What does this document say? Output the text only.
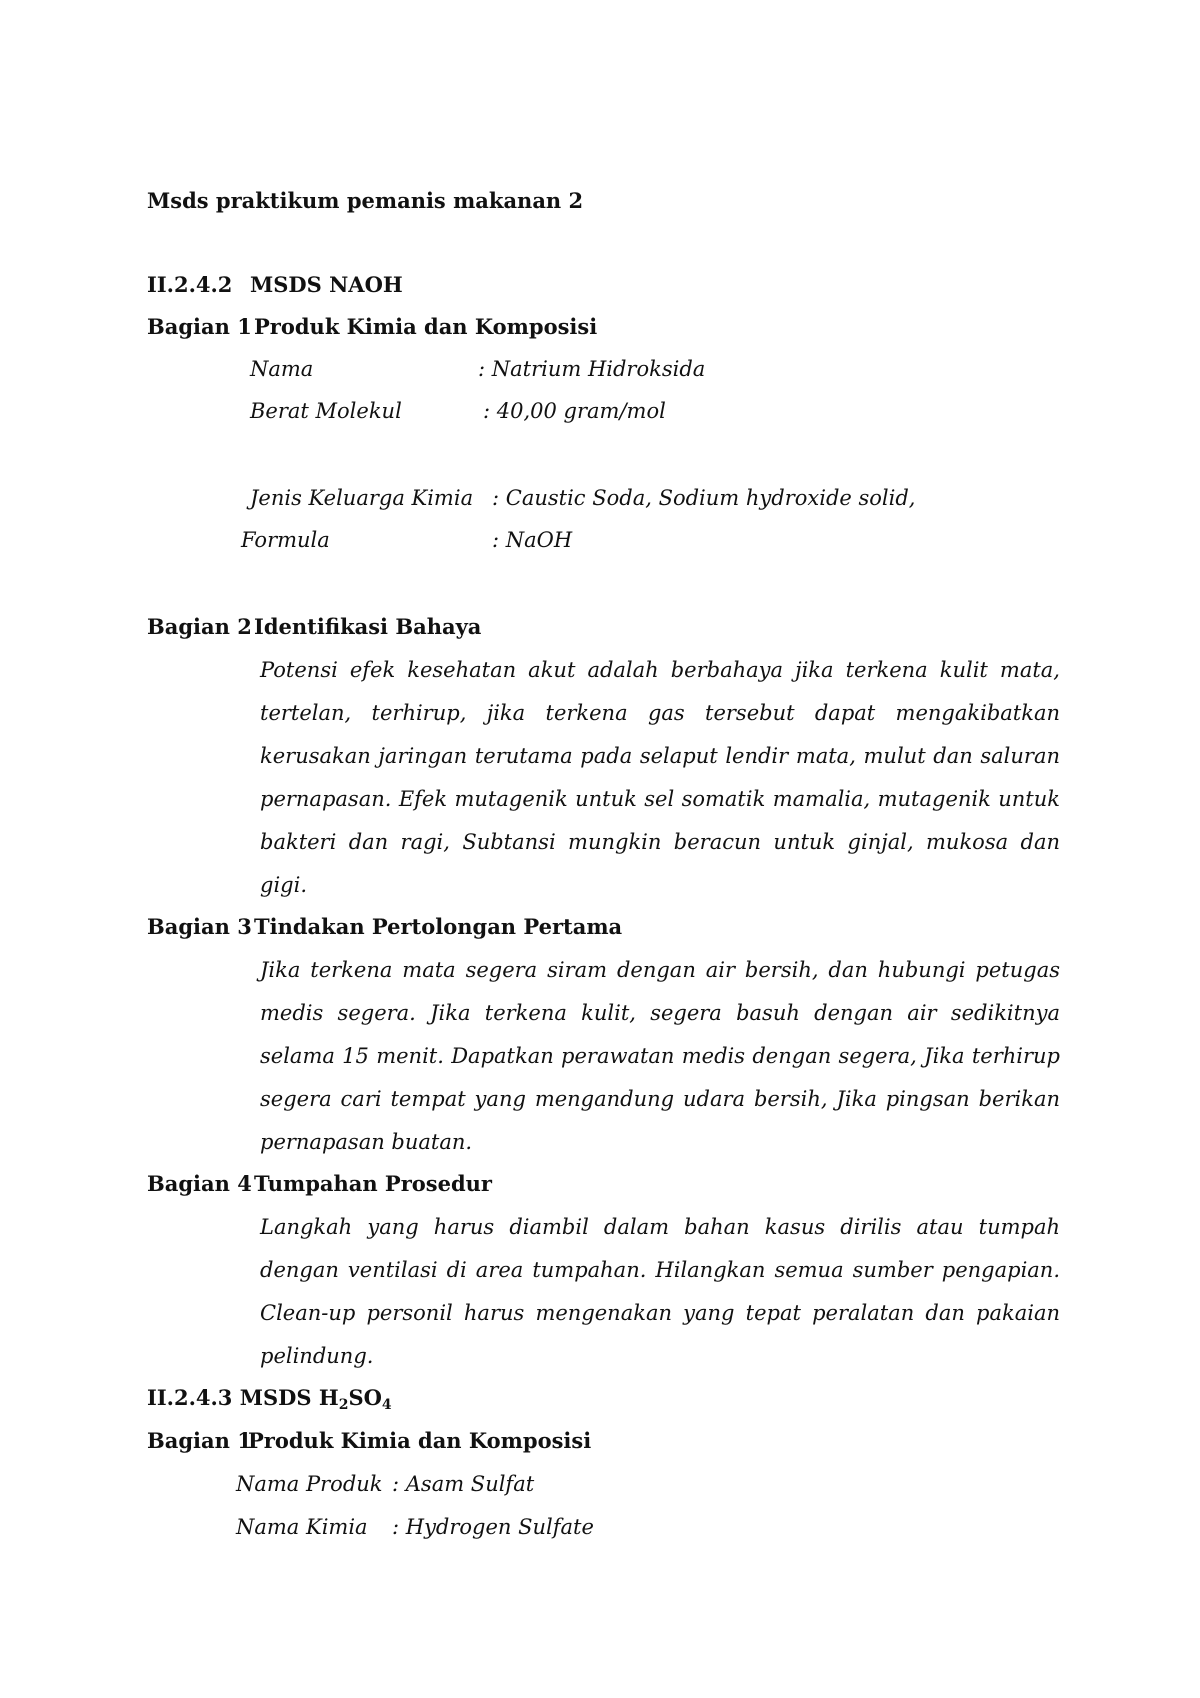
Msds praktikum pemanis makanan 2
II.2.4.2 MSDS NAOH
Bagian 1 Produk Kimia dan Komposisi
Nama	: Natrium Hidroksida
Berat Molekul	: 40,00 gram/mol
Jenis Keluarga Kimia : Caustic Soda, Sodium hydroxide solid,
Formula	: NaOH
Bagian 2 Identifikasi Bahaya
Potensi efek kesehatan akut adalah berbahaya jika terkena kulit mata, tertelan, terhirup, jika terkena gas tersebut dapat mengakibatkan kerusakan jaringan terutama pada selaput lendir mata, mulut dan saluran pernapasan. Efek mutagenik untuk sel somatik mamalia, mutagenik untuk bakteri dan ragi, Subtansi mungkin beracun untuk ginjal, mukosa dan gigi.
Bagian 3 Tindakan Pertolongan Pertama
Jika terkena mata segera siram dengan air bersih, dan hubungi petugas medis segera. Jika terkena kulit, segera basuh dengan air sedikitnya selama 15 menit. Dapatkan perawatan medis dengan segera, Jika terhirup segera cari tempat yang mengandung udara bersih, Jika pingsan berikan pernapasan buatan.
Bagian 4 Tumpahan Prosedur
Langkah yang harus diambil dalam bahan kasus dirilis atau tumpah dengan ventilasi di area tumpahan. Hilangkan semua sumber pengapian. Clean-up personil harus mengenakan yang tepat peralatan dan pakaian pelindung.
II.2.4.3 MSDS $H_2SO_4$
Bagian 1
Produk Kimia dan Komposisi
Nama Produk : Asam Sulfat
Nama Kimia : Hydrogen Sulfate
